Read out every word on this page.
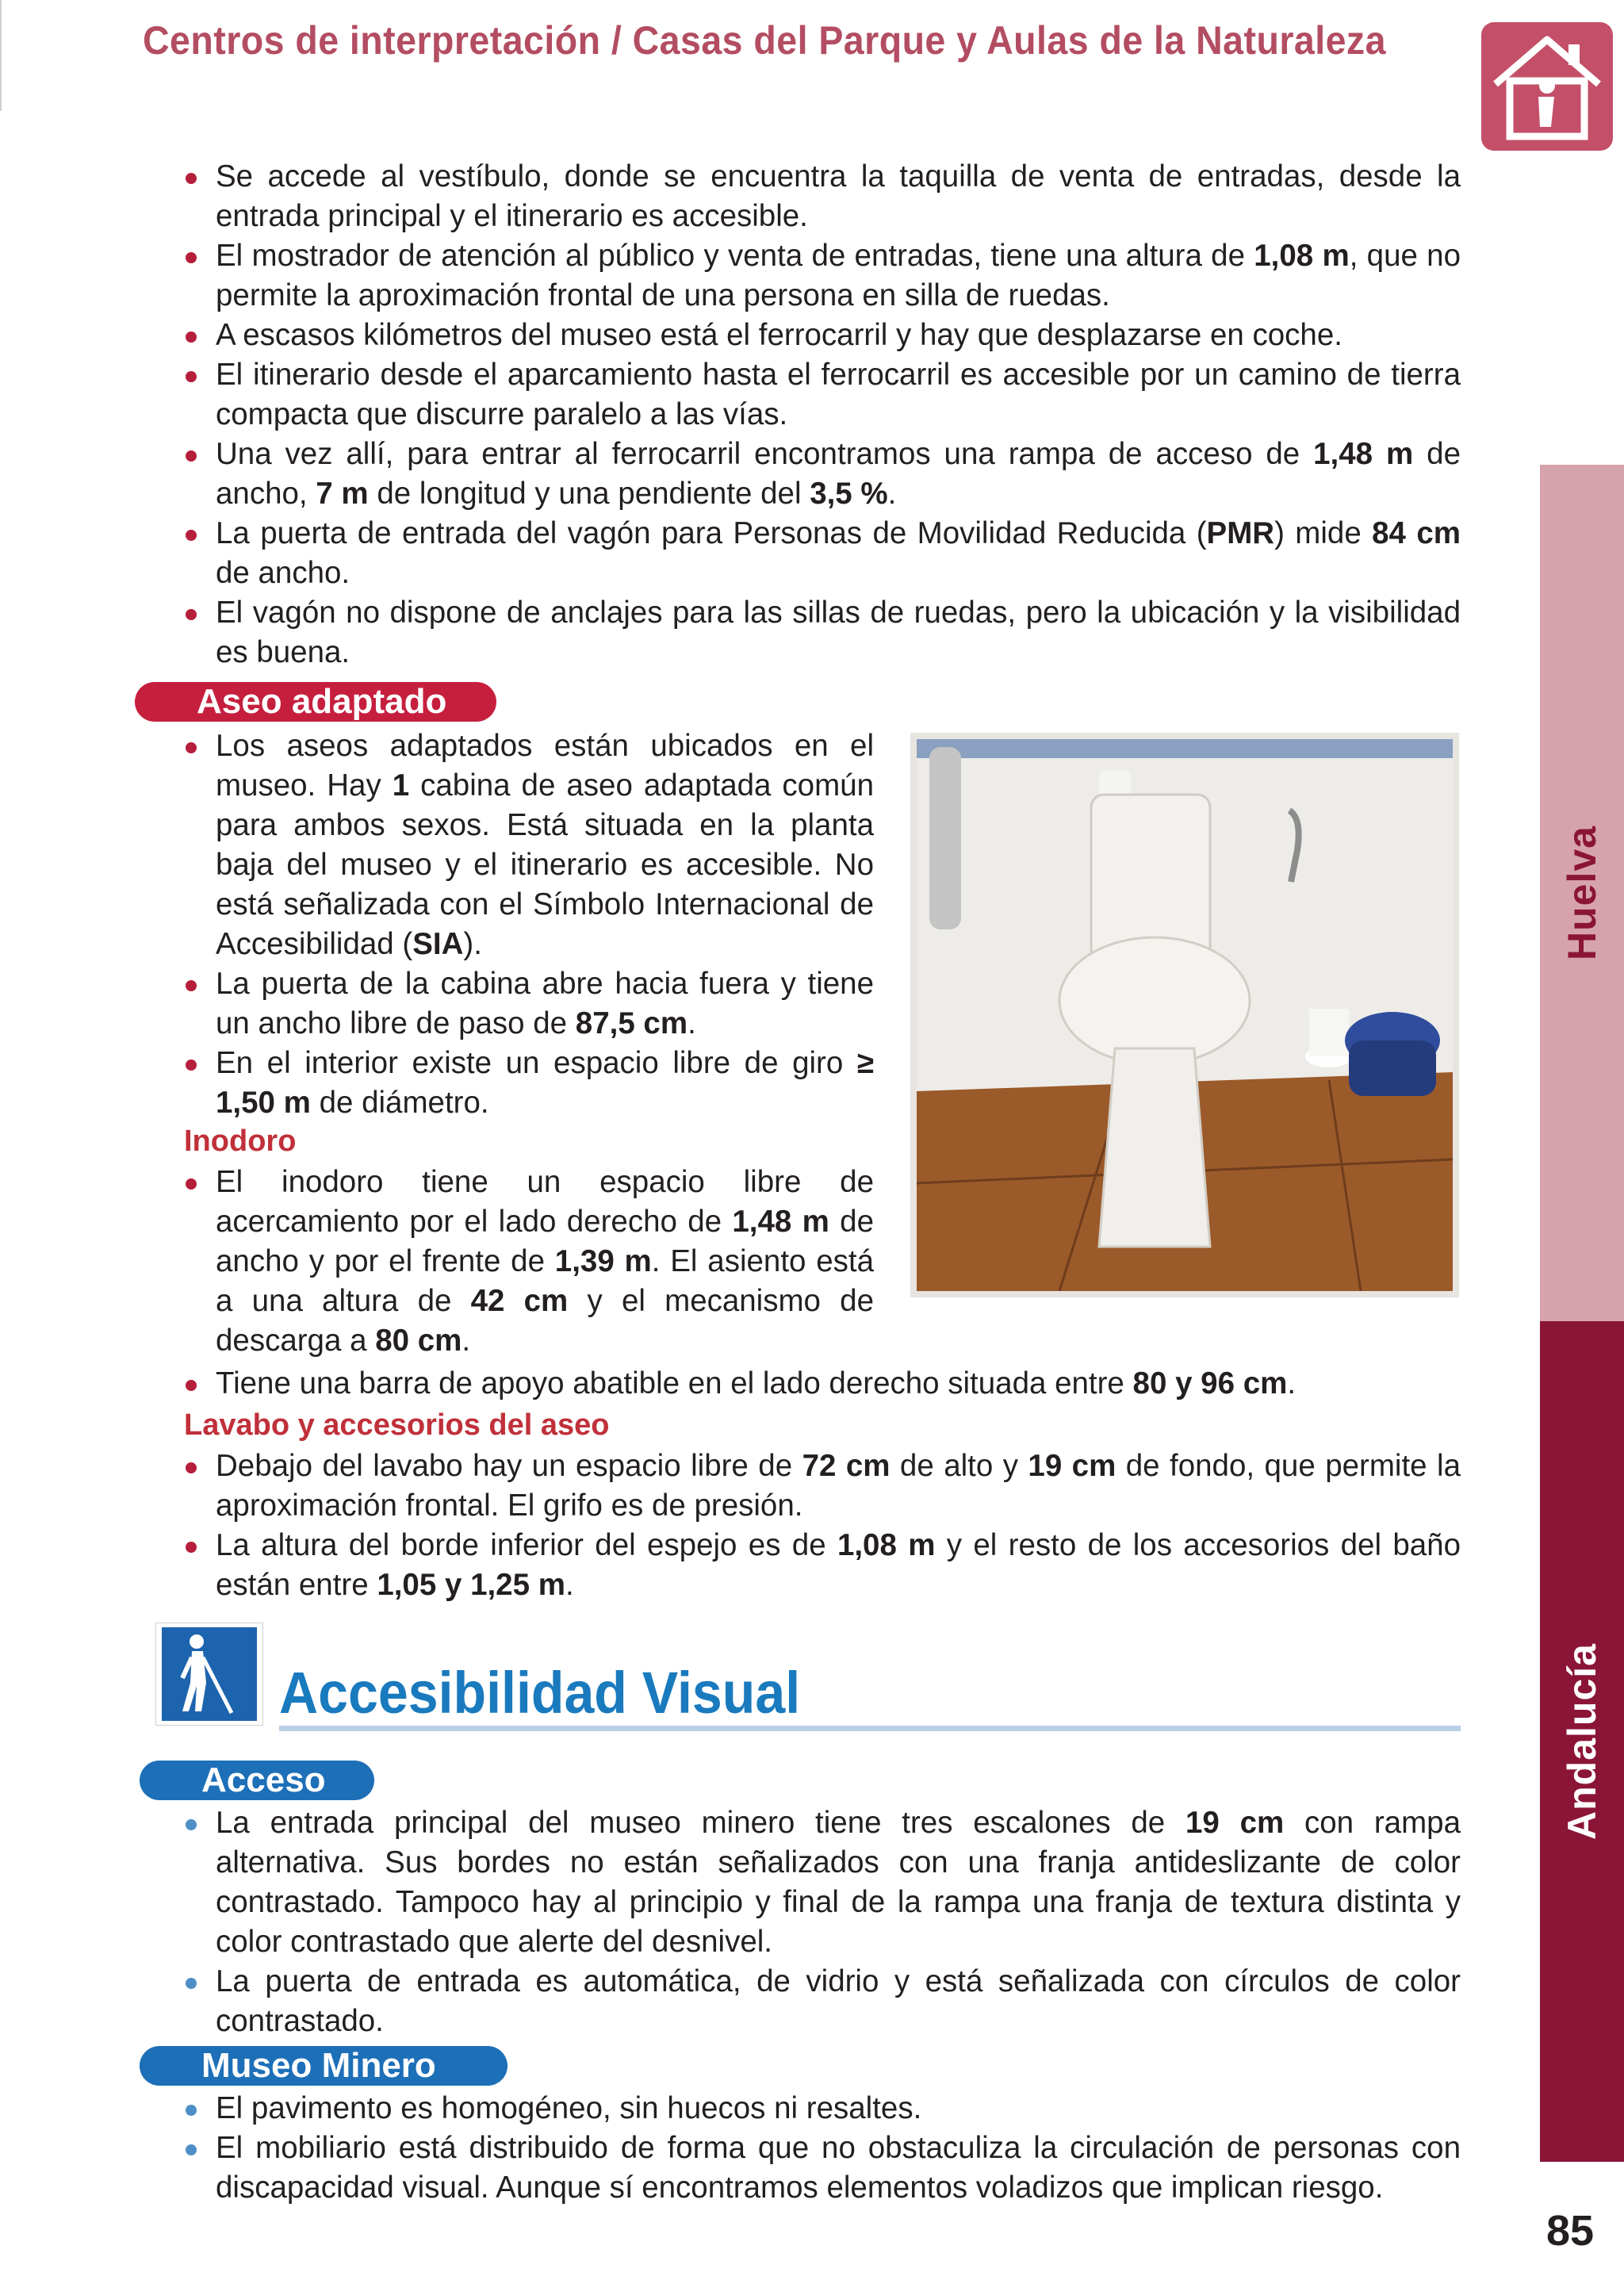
Centros de interpretación / Casas del Parque y Aulas de la Naturaleza
Huelva
Andalucía
Se accede al vestíbulo, donde se encuentra la taquilla de venta de entradas, desde la entrada principal y el itinerario es accesible.
El mostrador de atención al público y venta de entradas, tiene una altura de 1,08 m, que no permite la aproximación frontal de una persona en silla de ruedas.
A escasos kilómetros del museo está el ferrocarril y hay que desplazarse en coche.
El itinerario desde el aparcamiento hasta el ferrocarril es accesible por un camino de tierra compacta que discurre paralelo a las vías.
Una vez allí, para entrar al ferrocarril encontramos una rampa de acceso de 1,48 m de ancho, 7 m de longitud y una pendiente del 3,5 %.
La puerta de entrada del vagón para Personas de Movilidad Reducida (PMR) mide 84 cm de ancho.
El vagón no dispone de anclajes para las sillas de ruedas, pero la ubicación y la visibilidad es buena.
Aseo adaptado
Los aseos adaptados están ubicados en el museo. Hay 1 cabina de aseo adaptada común para ambos sexos. Está situada en la planta baja del museo y el itinerario es accesible. No está señalizada con el Símbolo Internacional de Accesibilidad (SIA).
La puerta de la cabina abre hacia fuera y tiene un ancho libre de paso de 87,5 cm.
En el interior existe un espacio libre de giro ≥ 1,50 m de diámetro.
Inodoro
El inodoro tiene un espacio libre de acercamiento por el lado derecho de 1,48 m de ancho y por el frente de 1,39 m. El asiento está a una altura de 42 cm y el mecanismo de descarga a 80 cm.
Tiene una barra de apoyo abatible en el lado derecho situada entre 80 y 96 cm.
Lavabo y accesorios del aseo
Debajo del lavabo hay un espacio libre de 72 cm de alto y 19 cm de fondo, que permite la aproximación frontal. El grifo es de presión.
La altura del borde inferior del espejo es de 1,08 m y el resto de los accesorios del baño están entre 1,05 y 1,25 m.
Accesibilidad Visual
Acceso
La entrada principal del museo minero tiene tres escalones de 19 cm con rampa alternativa. Sus bordes no están señalizados con una franja antideslizante de color contrastado. Tampoco hay al principio y final de la rampa una franja de textura distinta y color contrastado que alerte del desnivel.
La puerta de entrada es automática, de vidrio y está señalizada con círculos de color contrastado.
Museo Minero
El pavimento es homogéneo, sin huecos ni resaltes.
El mobiliario está distribuido de forma que no obstaculiza la circulación de personas con discapacidad visual. Aunque sí encontramos elementos voladizos que implican riesgo.
85
